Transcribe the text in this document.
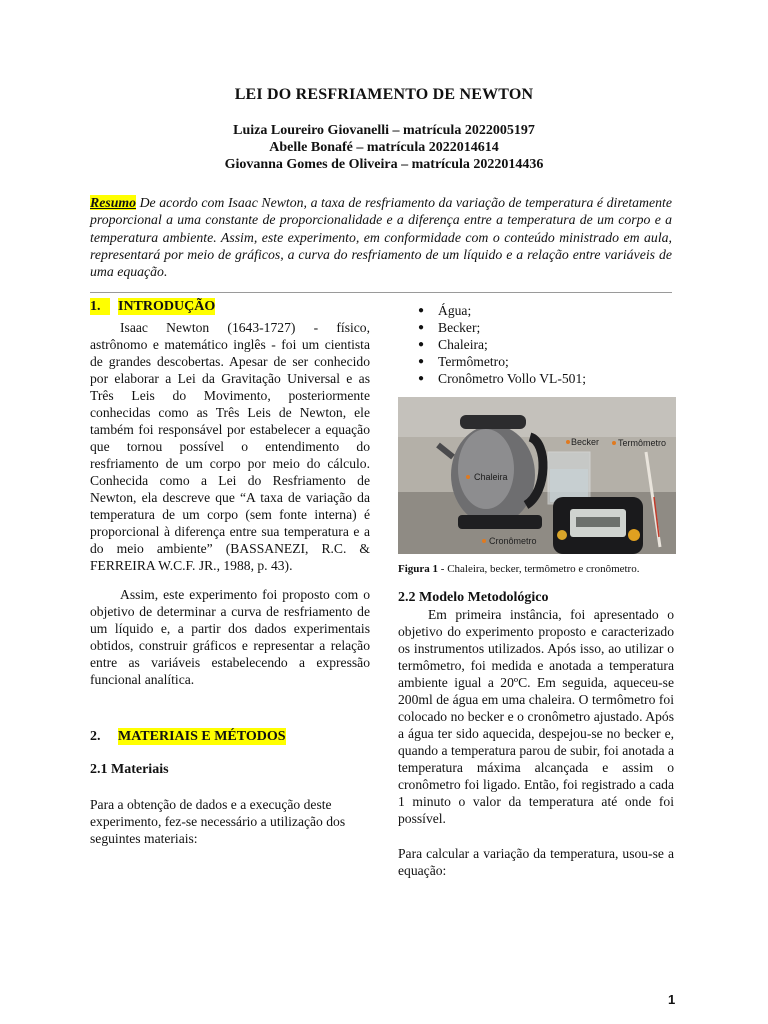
LEI DO RESFRIAMENTO DE NEWTON
Luiza Loureiro Giovanelli – matrícula 2022005197
Abelle Bonafé – matrícula 2022014614
Giovanna Gomes de Oliveira – matrícula 2022014436
Resumo De acordo com Isaac Newton, a taxa de resfriamento da variação de temperatura é diretamente proporcional a uma constante de proporcionalidade e a diferença entre a temperatura de um corpo e a temperatura ambiente. Assim, este experimento, em conformidade com o conteúdo ministrado em aula, representará por meio de gráficos, a curva do resfriamento de um líquido e a relação entre variáveis de uma equação.
1.	INTRODUÇÃO

Isaac Newton (1643-1727) - físico, astrônomo e matemático inglês - foi um cientista de grandes descobertas. Apesar de ser conhecido por elaborar a Lei da Gravitação Universal e as Três Leis do Movimento, posteriormente conhecidas como as Três Leis de Newton, ele também foi responsável por estabelecer a equação que tornou possível o entendimento do resfriamento de um corpo por meio do cálculo. Conhecida como a Lei do Resfriamento de Newton, ela descreve que “A taxa de variação da temperatura de um corpo (sem fonte interna) é proporcional à diferença entre sua temperatura e a do meio ambiente” (BASSANEZI, R.C. & FERREIRA W.C.F. JR., 1988, p. 43).

Assim, este experimento foi proposto com o objetivo de determinar a curva de resfriamento de um líquido e, a partir dos dados experimentais obtidos, construir gráficos e representar a relação entre as variáveis estabelecendo a expressão funcional analítica.

2.	MATERIAIS E MÉTODOS
2.1 Materiais

Para a obtenção de dados e a execução deste experimento, fez-se necessário a utilização dos seguintes materiais:

●	Água;
●	Becker;
●	Chaleira;
●	Termômetro;
●	Cronômetro Vollo VL-501;
Becker Termômetro
Chaleira
Cronômetro
Figura 1 - Chaleira, becker, termômetro e cronômetro.
2.2 Modelo Metodológico

Em primeira instância, foi apresentado o objetivo do experimento proposto e caracterizado os instrumentos utilizados. Após isso, ao utilizar o termômetro, foi medida e anotada a temperatura ambiente igual a 20ºC. Em seguida, aqueceu-se 200ml de água em uma chaleira. O termômetro foi colocado no becker e o cronômetro ajustado. Após a água ter sido aquecida, despejou-se no becker e, quando a temperatura parou de subir, foi anotada a temperatura máxima alcançada e assim o cronômetro foi ligado. Então, foi registrado a cada 1 minuto o valor da temperatura até onde foi possível.

Para calcular a variação da temperatura, usou-se a equação:

1
